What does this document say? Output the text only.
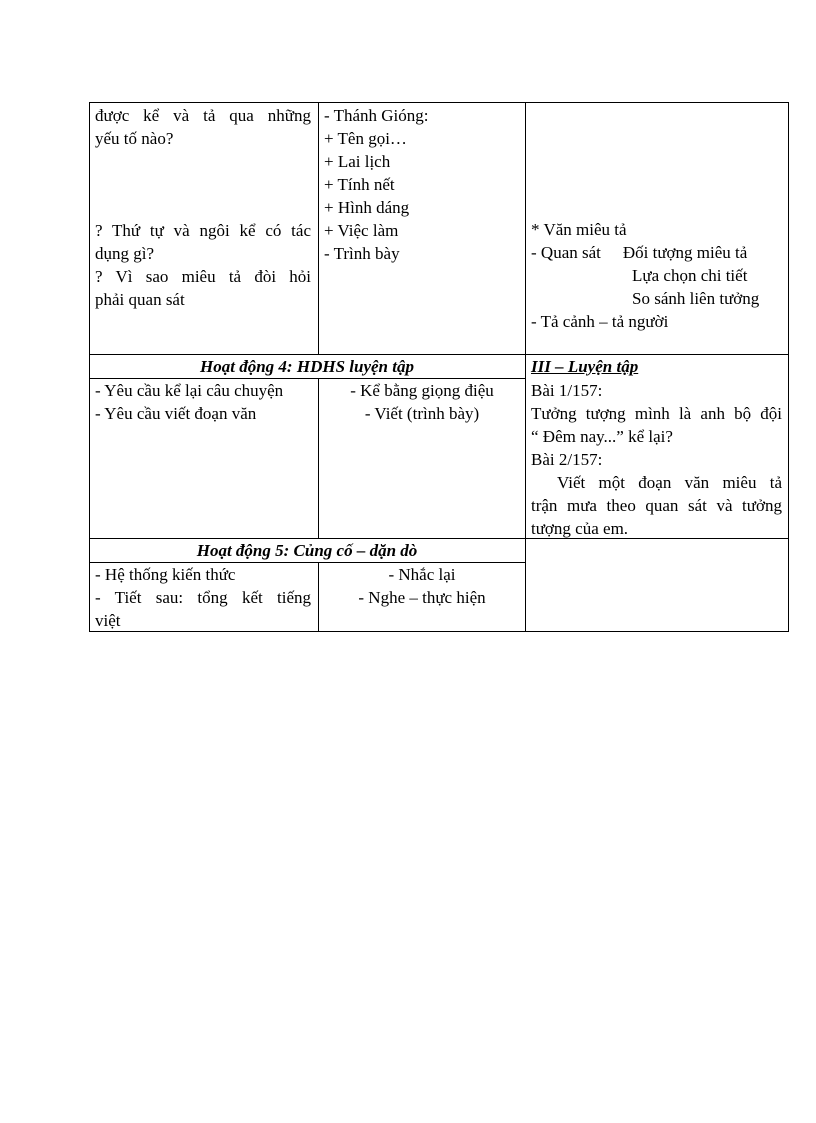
được kể và tả qua những
yếu tố nào?
? Thứ tự và ngôi kể có tác
dụng gì?
? Vì sao miêu tả đòi hỏi
phải quan sát
- Thánh Gióng:
+ Tên gọi…
+ Lai lịch
+ Tính nết
+ Hình dáng
+ Việc làm
- Trình bày
* Văn miêu tả
- Quan sát Đối tượng miêu tả
Lựa chọn chi tiết
So sánh liên tưởng
- Tả cảnh – tả người
Hoạt động 4: HDHS luyện tập	III – Luyện tập
- Yêu cầu kể lại câu chuyện
- Yêu cầu viết đoạn văn
- Kể bằng giọng điệu
- Viết (trình bày)
Bài 1/157:
Tưởng tượng mình là anh bộ đội
“ Đêm nay...” kể lại?
Bài 2/157:
Viết một đoạn văn miêu tả
trận mưa theo quan sát và tưởng
tượng của em.
Hoạt động 5: Củng cố – dặn dò
- Hệ thống kiến thức
- Tiết sau: tổng kết tiếng
việt
- Nhắc lại
- Nghe – thực hiện
